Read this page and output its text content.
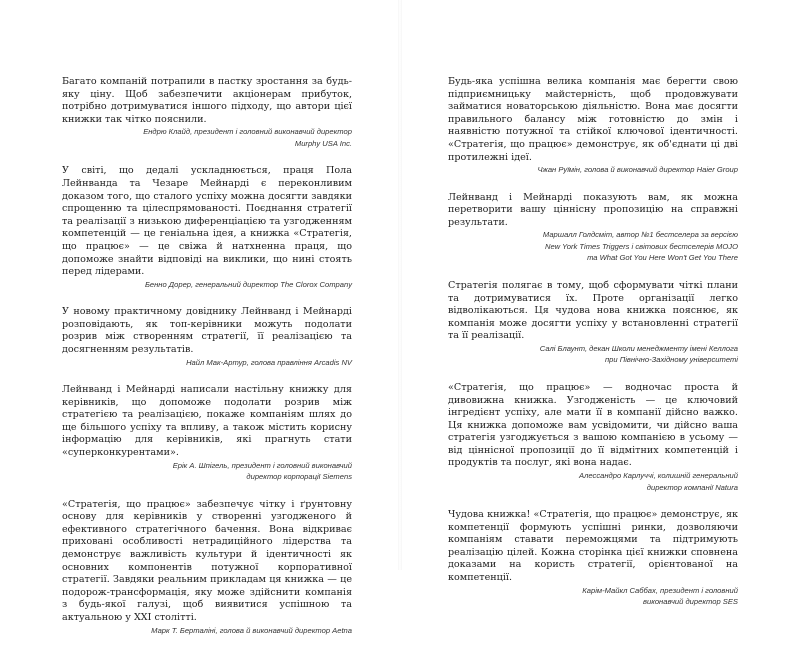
Багато компаній потрапили в пастку зростання за будь-яку ціну. Щоб забезпечити акціонерам прибуток, потрібно дотримуватися іншого підходу, що автори цієї книжки так чітко пояснили.

Ендрю Клайд, президент і головний виконавчий директор
Murphy USA Inc.

У світі, що дедалі ускладнюється, праця Пола Лейнванда та Чезаре Мейнарді є переконливим доказом того, що сталого успіху можна досягти завдяки спрощенню та цілеспрямованості. Поєднання стратегії та реалізації з низькою диференціацією та узгодженням компетенцій — це геніальна ідея, а книжка «Стратегія, що працює» — це свіжа й натхненна праця, що допоможе знайти відповіді на виклики, що нині стоять перед лідерами.

Бенно Дорер, генеральний директор The Clorox Company

У новому практичному довіднику Лейнванд і Мейнарді розповідають, як топ-керівники можуть подолати розрив між створенням стратегії, її реалізацією та досягненням результатів.

Найл Мак-Артур, голова правління Arcadis NV

Лейнванд і Мейнарді написали настільну книжку для керівників, що допоможе подолати розрив між стратегією та реалізацією, покаже компаніям шлях до ще більшого успіху та впливу, а також містить корисну інформацію для керівників, які прагнуть стати «суперконкурентами».

Ерік А. Шпігель, президент і головний виконавчий
директор корпорації Siemens

«Стратегія, що працює» забезпечує чітку і ґрунтовну основу для керівників у створенні узгодженого й ефективного стратегічного бачення. Вона відкриває приховані особливості нетрадиційного лідерства та демонструє важливість культури й ідентичності як основних компонентів потужної корпоративної стратегії. Завдяки реальним прикладам ця книжка — це подорож-трансформація, яку може здійснити компанія з будь-якої галузі, щоб виявитися успішною та актуальною у XXI столітті.

Марк Т. Берталіні, голова й виконавчий директор Aetna

Будь-яка успішна велика компанія має берегти свою підприємницьку майстерність, щоб продовжувати займатися новаторською діяльністю. Вона має досягти правильного балансу між готовністю до змін і наявністю потужної та стійкої ключової ідентичності. «Стратегія, що працює» демонструє, як об'єднати ці дві протилежні ідеї.

Чжан Руїмін, голова й виконавчий директор Haier Group

Лейнванд і Мейнарді показують вам, як можна перетворити вашу ціннісну пропозицію на справжні результати.

Маршалл Голдсміт, автор №1 бестселера за версією
New York Times Triggers і світових бестселерів MOJO
та What Got You Here Won't Get You There

Стратегія полягає в тому, щоб сформувати чіткі плани та дотримуватися їх. Проте організації легко відволікаються. Ця чудова нова книжка пояснює, як компанія може досягти успіху у встановленні стратегії та її реалізації.

Салі Блаунт, декан Школи менеджменту імені Келлога
при Північно-Західному університеті

«Стратегія, що працює» — водночас проста й дивовижна книжка. Узгодженість — це ключовий інгредієнт успіху, але мати її в компанії дійсно важко. Ця книжка допоможе вам усвідомити, чи дійсно ваша стратегія узгоджується з вашою компанією в усьому — від ціннісної пропозиції до її відмітних компетенцій і продуктів та послуг, які вона надає.

Алессандро Карлуччі, колишній генеральний
директор компанії Natura

Чудова книжка! «Стратегія, що працює» демонструє, як компетенції формують успішні ринки, дозволяючи компаніям ставати переможцями та підтримують реалізацію цілей. Кожна сторінка цієї книжки сповнена доказами на користь стратегії, орієнтованої на компетенції.

Карім-Майкл Саббах, президент і головний
виконавчий директор SES
